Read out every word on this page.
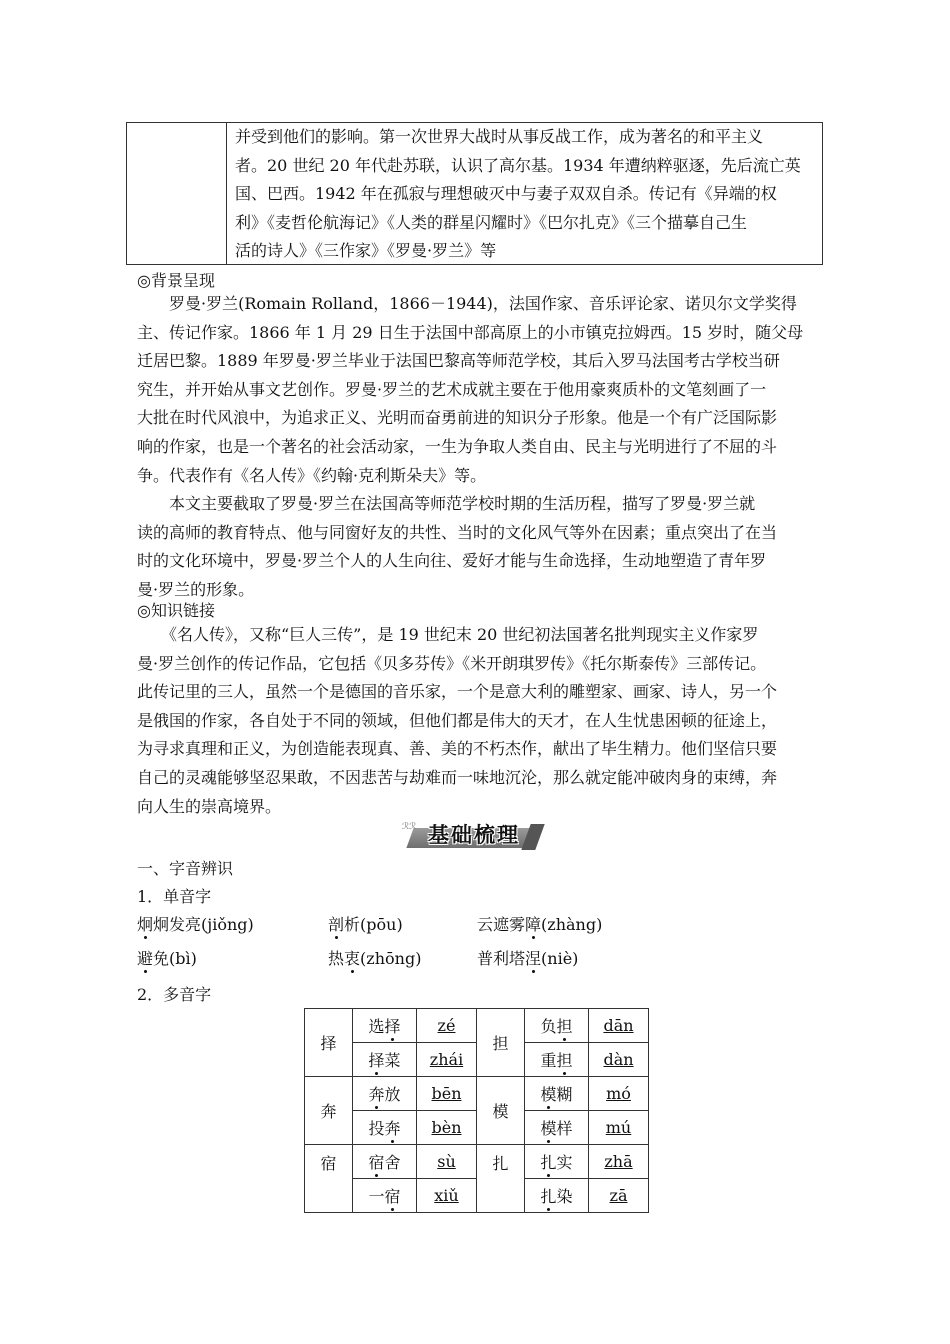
并受到他们的影响。第一次世界大战时从事反战工作，成为著名的和平主义
者。20 世纪 20 年代赴苏联，认识了高尔基。1934 年遭纳粹驱逐，先后流亡英
国、巴西。1942 年在孤寂与理想破灭中与妻子双双自杀。传记有《异端的权
利》《麦哲伦航海记》《人类的群星闪耀时》《巴尔扎克》《三个描摹自己生
活的诗人》《三作家》《罗曼·罗兰》等
◎背景呈现
　　罗曼·罗兰(Romain Rolland，1866－1944)，法国作家、音乐评论家、诺贝尔文学奖得
主、传记作家。1866 年 1 月 29 日生于法国中部高原上的小市镇克拉姆西。15 岁时，随父母
迁居巴黎。1889 年罗曼·罗兰毕业于法国巴黎高等师范学校，其后入罗马法国考古学校当研
究生，并开始从事文艺创作。罗曼·罗兰的艺术成就主要在于他用豪爽质朴的文笔刻画了一
大批在时代风浪中，为追求正义、光明而奋勇前进的知识分子形象。他是一个有广泛国际影
响的作家，也是一个著名的社会活动家，一生为争取人类自由、民主与光明进行了不屈的斗
争。代表作有《名人传》《约翰·克利斯朵夫》等。
　　本文主要截取了罗曼·罗兰在法国高等师范学校时期的生活历程，描写了罗曼·罗兰就
读的高师的教育特点、他与同窗好友的共性、当时的文化风气等外在因素；重点突出了在当
时的文化环境中，罗曼·罗兰个人的人生向往、爱好才能与生命选择，生动地塑造了青年罗
曼·罗兰的形象。
◎知识链接
　　《名人传》，又称“巨人三传”，是 19 世纪末 20 世纪初法国著名批判现实主义作家罗
曼·罗兰创作的传记作品，它包括《贝多芬传》《米开朗琪罗传》《托尔斯泰传》三部传记。
此传记里的三人，虽然一个是德国的音乐家，一个是意大利的雕塑家、画家、诗人，另一个
是俄国的作家，各自处于不同的领域，但他们都是伟大的天才，在人生忧患困顿的征途上，
为寻求真理和正义，为创造能表现真、善、美的不朽杰作，献出了毕生精力。他们坚信只要
自己的灵魂能够坚忍果敢，不因悲苦与劫难而一味地沉沦，那么就定能冲破肉身的束缚，奔
向人生的崇高境界。
ℛℛ 基础梳理
一、字音辨识
1．单音字
炯炯发亮(jiǒng)	剖析(pōu)	云遮雾障(zhàng)
避免(bì)	热衷(zhōng)	普利塔涅(niè)
2．多音字
择	选择	zé	担	负担	dān
	择菜	zhái		重担	dàn
奔	奔放	bēn	模	模糊	mó
	投奔	bèn		模样	mú
宿	宿舍	sù	扎	扎实	zhā
	一宿	xiǔ		扎染	zā
